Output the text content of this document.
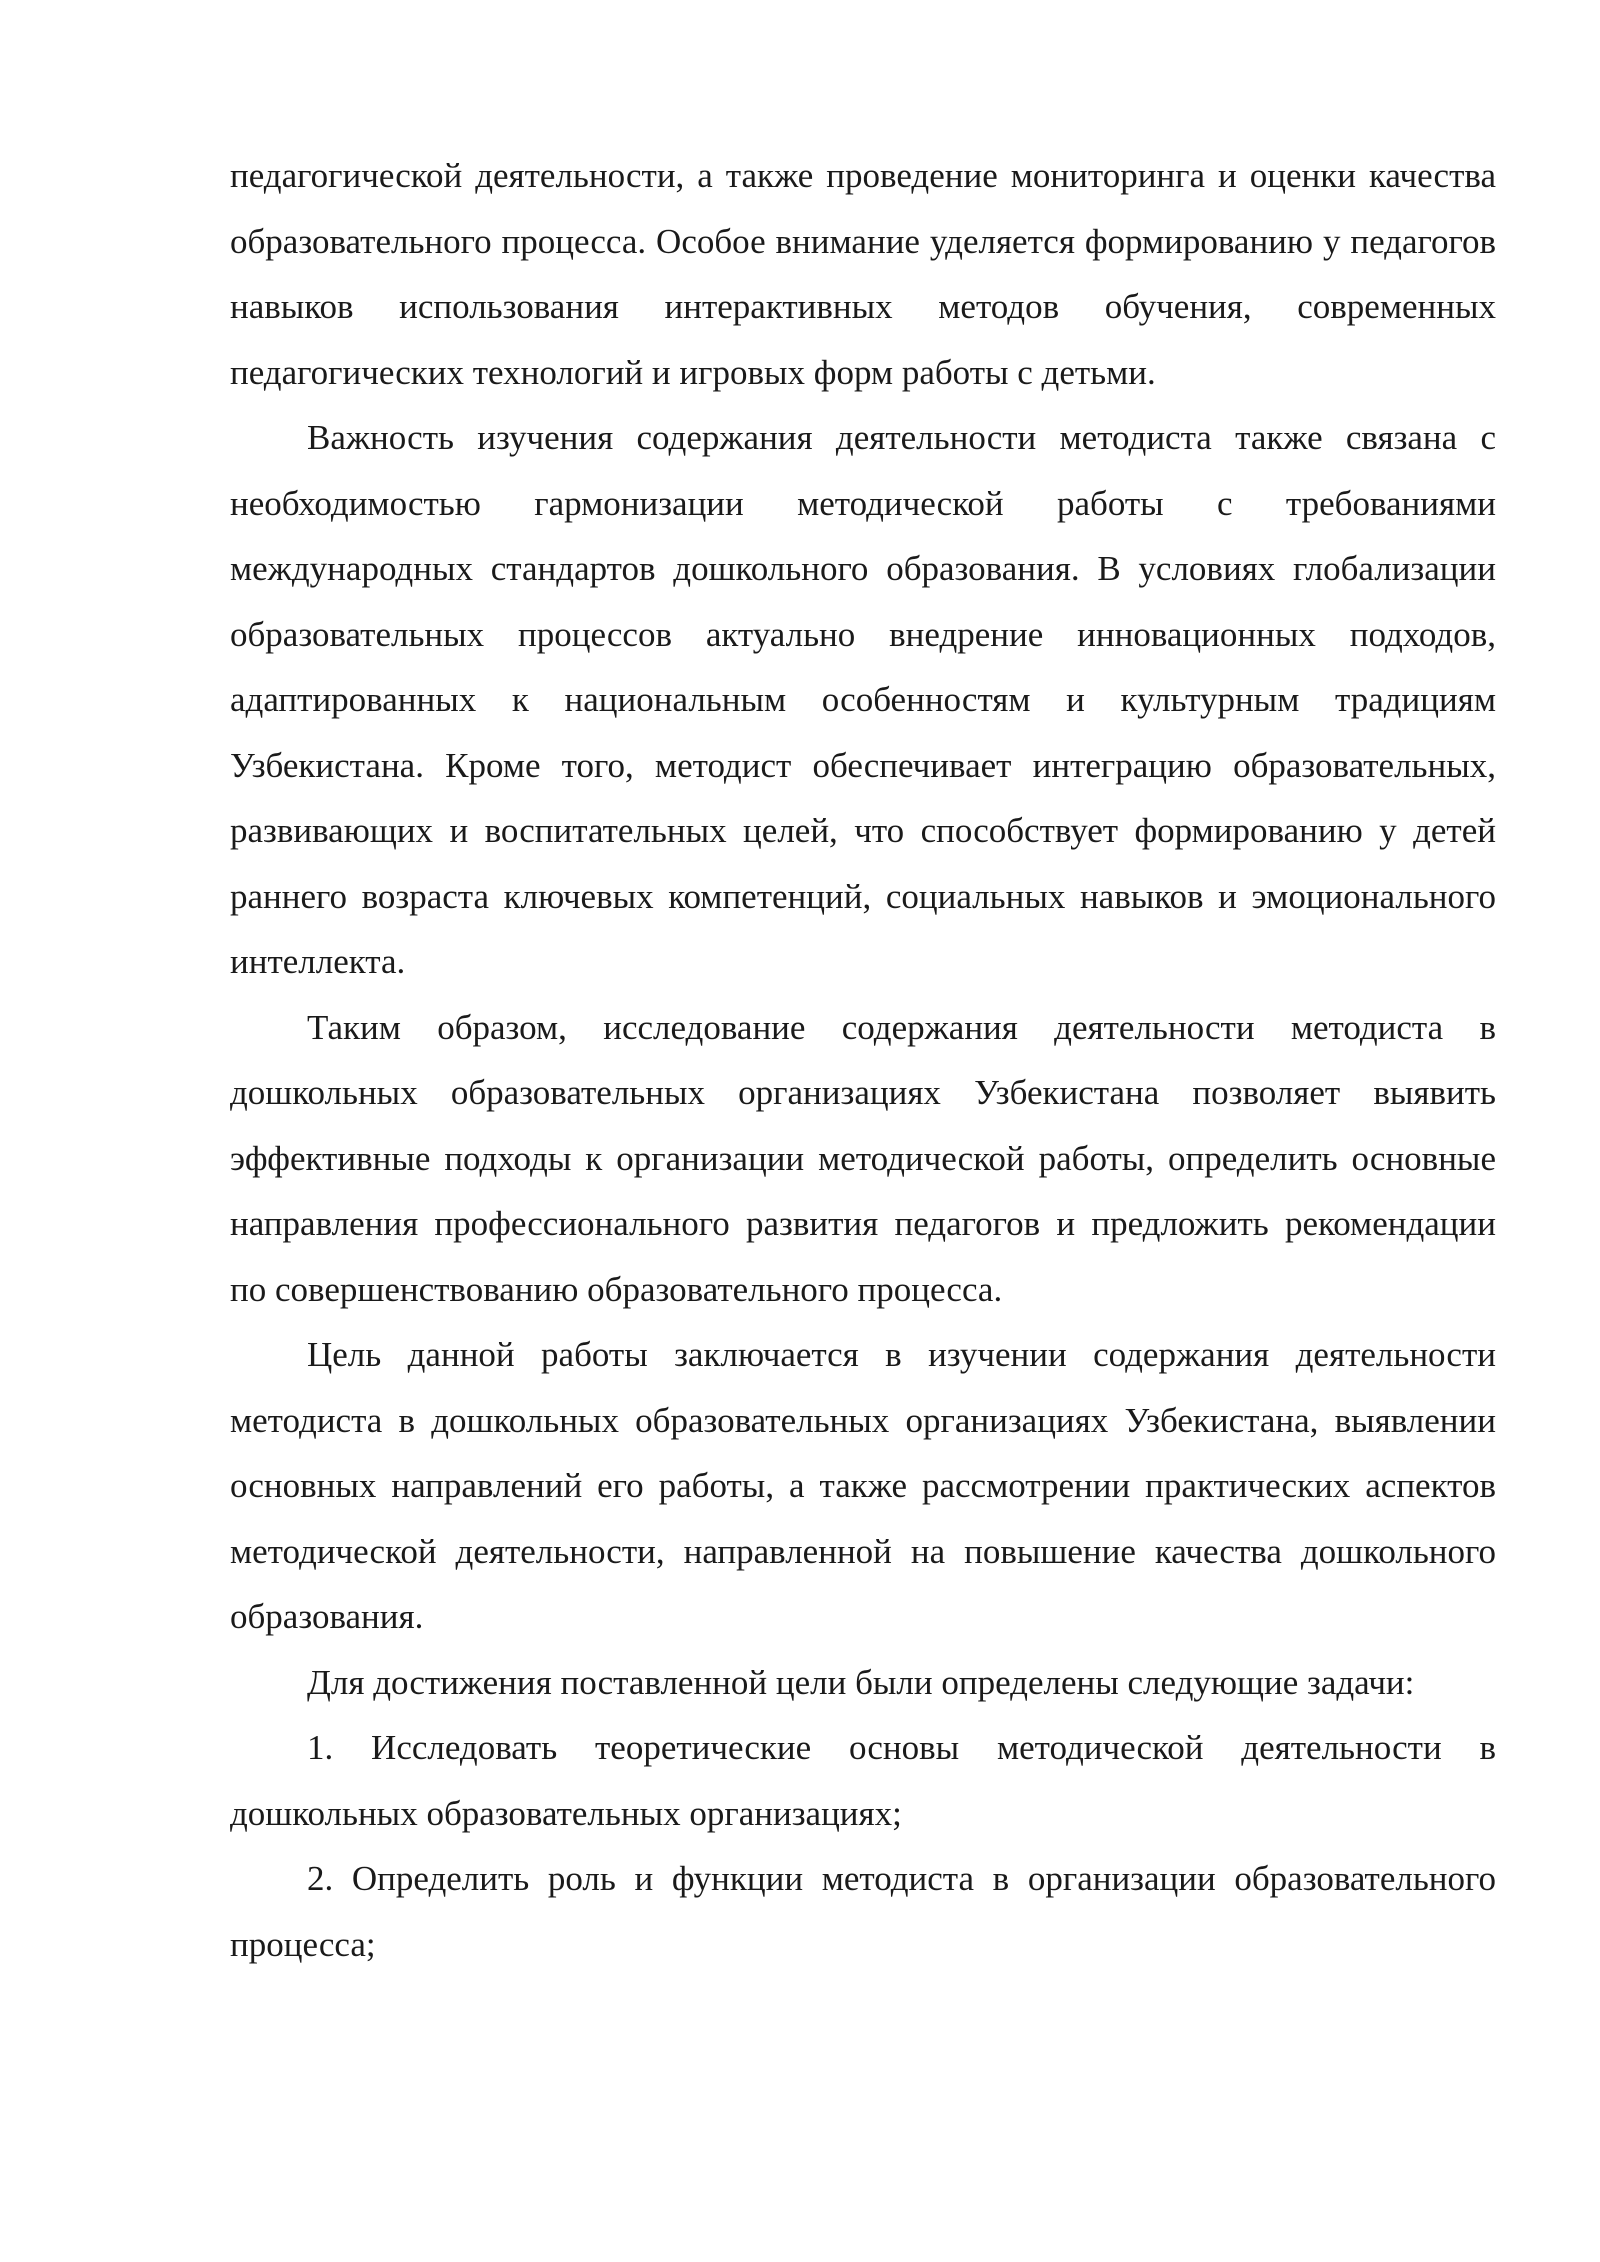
педагогической деятельности, а также проведение мониторинга и оценки качества образовательного процесса. Особое внимание уделяется формированию у педагогов навыков использования интерактивных методов обучения, современных педагогических технологий и игровых форм работы с детьми.

Важность изучения содержания деятельности методиста также связана с необходимостью гармонизации методической работы с требованиями международных стандартов дошкольного образования. В условиях глобализации образовательных процессов актуально внедрение инновационных подходов, адаптированных к национальным особенностям и культурным традициям Узбекистана. Кроме того, методист обеспечивает интеграцию образовательных, развивающих и воспитательных целей, что способствует формированию у детей раннего возраста ключевых компетенций, социальных навыков и эмоционального интеллекта.

Таким образом, исследование содержания деятельности методиста в дошкольных образовательных организациях Узбекистана позволяет выявить эффективные подходы к организации методической работы, определить основные направления профессионального развития педагогов и предложить рекомендации по совершенствованию образовательного процесса.

Цель данной работы заключается в изучении содержания деятельности методиста в дошкольных образовательных организациях Узбекистана, выявлении основных направлений его работы, а также рассмотрении практических аспектов методической деятельности, направленной на повышение качества дошкольного образования.

Для достижения поставленной цели были определены следующие задачи:

1. Исследовать теоретические основы методической деятельности в дошкольных образовательных организациях;

2. Определить роль и функции методиста в организации образовательного процесса;
